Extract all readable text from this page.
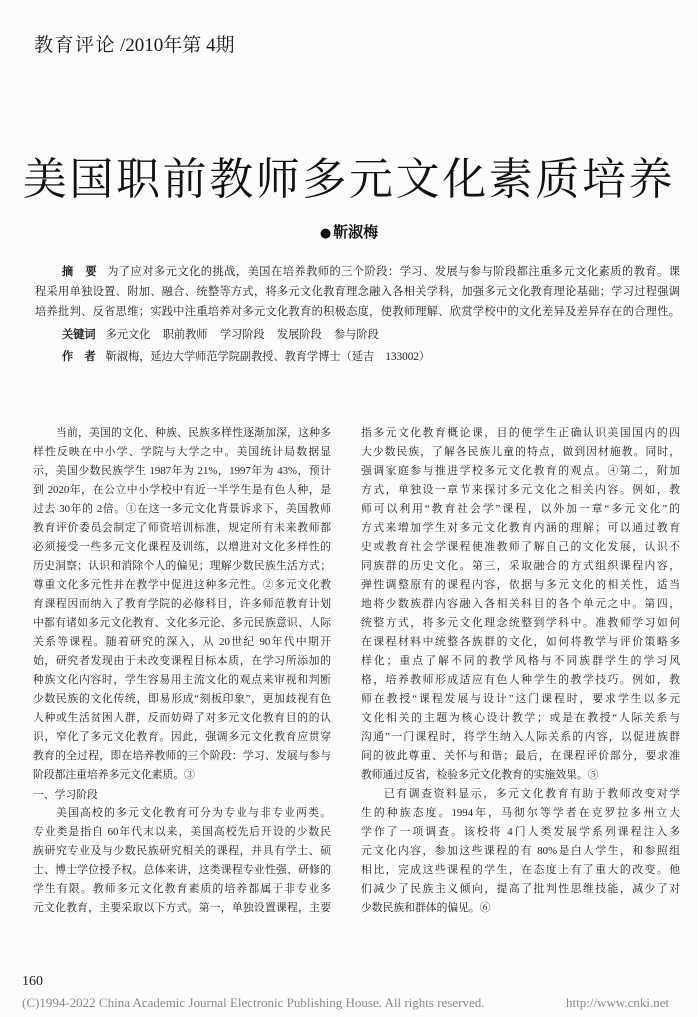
教育评论 /2010年第 4期
美国职前教师多元文化素质培养
● 靳淑梅
摘　要 为了应对多元文化的挑战，美国在培养教师的三个阶段：学习、发展与参与阶段都注重多元文化素质的教育。课
程采用单独设置、附加、融合、统整等方式，将多元文化教育理念融入各相关学科，加强多元文化教育理论基础；学习过程强调
培养批判、反省思维；实践中注重培养对多元文化教育的积极态度，使教师理解、欣赏学校中的文化差异及差异存在的合理性。
关键词 多元文化 职前教师 学习阶段 发展阶段 参与阶段
作　者 靳淑梅，延边大学师范学院副教授、教育学博士（延吉　133002）
当前，美国的文化、种族、民族多样性逐渐加深，这种多
样性反映在中小学、学院与大学之中。美国统计局数据显
示，美国少数民族学生 1987年为 21%，1997年为 43%，预计
到 2020年，在公立中小学校中有近一半学生是有色人种，是
过去 30年的 2倍。①在这一多元文化背景诉求下，美国教师
教育评价委员会制定了师资培训标准，规定所有未来教师都
必须接受一些多元文化课程及训练，以增进对文化多样性的
历史洞察；认识和消除个人的偏见；理解少数民族生活方式；
尊重文化多元性并在教学中促进这种多元性。②多元文化教
育课程因而纳入了教育学院的必修科目，许多师范教育计划
中都有诸如多元文化教育、文化多元论、多元民族意识、人际
关系等课程。随着研究的深入，从 20世纪 90年代中期开
始，研究者发现由于未改变课程目标本质，在学习所添加的
种族文化内容时，学生容易用主流文化的观点来审视和判断
少数民族的文化传统，即易形成“刻板印象”，更加歧视有色
人种或生活贫困人群，反而妨碍了对多元文化教育目的的认
识，窄化了多元文化教育。因此，强调多元文化教育应贯穿
教育的全过程，即在培养教师的三个阶段：学习、发展与参与
阶段都注重培养多元文化素质。③
一、学习阶段
美国高校的多元文化教育可分为专业与非专业两类。
专业类是指自 60年代末以来，美国高校先后开设的少数民
族研究专业及与少数民族研究相关的课程，并具有学士、硕
士、博士学位授予权。总体来讲，这类课程专业性强、研修的
学生有限。教师多元文化教育素质的培养都属于非专业多
元文化教育，主要采取以下方式。第一，单独设置课程，主要
指多元文化教育概论课，目的使学生正确认识美国国内的四
大少数民族，了解各民族儿童的特点，做到因材施教。同时，
强调家庭参与推进学校多元文化教育的观点。④第二，附加
方式，单独设一章节来探讨多元文化之相关内容。例如，教
师可以利用“教育社会学”课程，以外加一章“多元文化”的
方式来增加学生对多元文化教育内涵的理解；可以通过教育
史或教育社会学课程使准教师了解自己的文化发展，认识不
同族群的历史文化。第三，采取融合的方式组织课程内容，
弹性调整原有的课程内容，依据与多元文化的相关性，适当
地将少数族群内容融入各相关科目的各个单元之中。第四，
统整方式，将多元文化理念统整到学科中。准教师学习如何
在课程材料中统整各族群的文化，如何将教学与评价策略多
样化；重点了解不同的教学风格与不同族群学生的学习风
格，培养教师形成适应有色人种学生的教学技巧。例如，教
师在教授“课程发展与设计”这门课程时，要求学生以多元
文化相关的主题为核心设计教学；或是在教授“人际关系与
沟通”一门课程时，将学生纳入人际关系的内容，以促进族群
间的彼此尊重、关怀与和谐；最后，在课程评价部分，要求准
教师通过反省，检验多元文化教育的实施效果。⑤
已有调查资料显示，多元文化教育有助于教师改变对学
生的种族态度。1994年，马彻尔等学者在克罗拉多州立大
学作了一项调查。该校将 4门人类发展学系列课程注入多
元文化内容，参加这些课程的有 80%是白人学生，和参照组
相比，完成这些课程的学生，在态度上有了重大的改变。他
们减少了民族主义倾向，提高了批判性思维技能，减少了对
少数民族和群体的偏见。⑥
160
(C)1994-2022 China Academic Journal Electronic Publishing House. All rights reserved.	http://www.cnki.net
